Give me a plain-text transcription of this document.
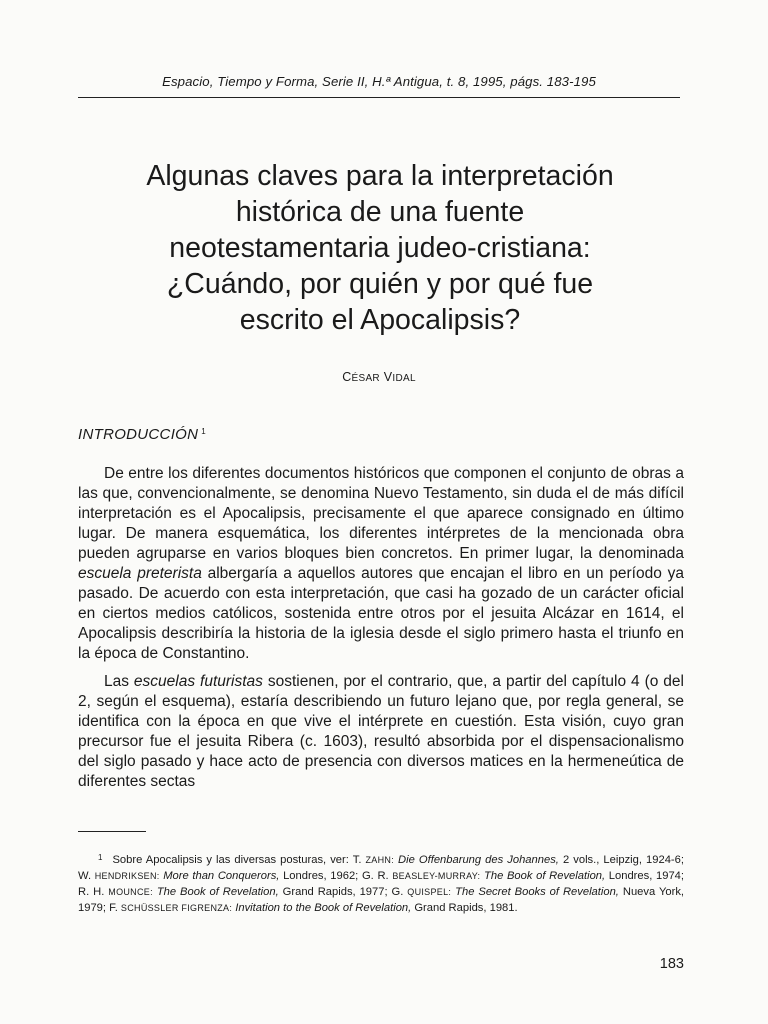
Espacio, Tiempo y Forma, Serie II, H.ª Antigua, t. 8, 1995, págs. 183-195
Algunas claves para la interpretación
histórica de una fuente
neotestamentaria judeo-cristiana:
¿Cuándo, por quién y por qué fue
escrito el Apocalipsis?
CÉSAR VIDAL
INTRODUCCIÓN $^1$

De entre los diferentes documentos históricos que componen el conjunto de obras a las que, convencionalmente, se denomina Nuevo Testamento, sin duda el de más difícil interpretación es el Apocalipsis, precisamente el que aparece consignado en último lugar. De manera esquemática, los diferentes intérpretes de la mencionada obra pueden agruparse en varios bloques bien concretos. En primer lugar, la denominada escuela preterista albergaría a aquellos autores que encajan el libro en un período ya pasado. De acuerdo con esta interpretación, que casi ha gozado de un carácter oficial en ciertos medios católicos, sostenida entre otros por el jesuita Alcázar en 1614, el Apocalipsis describiría la historia de la iglesia desde el siglo primero hasta el triunfo en la época de Constantino.

Las escuelas futuristas sostienen, por el contrario, que, a partir del capítulo 4 (o del 2, según el esquema), estaría describiendo un futuro lejano que, por regla general, se identifica con la época en que vive el intérprete en cuestión. Esta visión, cuyo gran precursor fue el jesuita Ribera (c. 1603), resultó absorbida por el dispensacionalismo del siglo pasado y hace acto de presencia con diversos matices en la hermeneútica de diferentes sectas

$^1$ Sobre Apocalipsis y las diversas posturas, ver: T. ZAHN: Die Offenbarung des Johannes, 2 vols., Leipzig, 1924-6; W. HENDRIKSEN: More than Conquerors, Londres, 1962; G. R. BEASLEY-MURRAY: The Book of Revelation, Londres, 1974; R. H. MOUNCE: The Book of Revelation, Grand Rapids, 1977; G. QUISPEL: The Secret Books of Revelation, Nueva York, 1979; F. SCHÜSSLER FIGRENZA: Invitation to the Book of Revelation, Grand Rapids, 1981.
183
